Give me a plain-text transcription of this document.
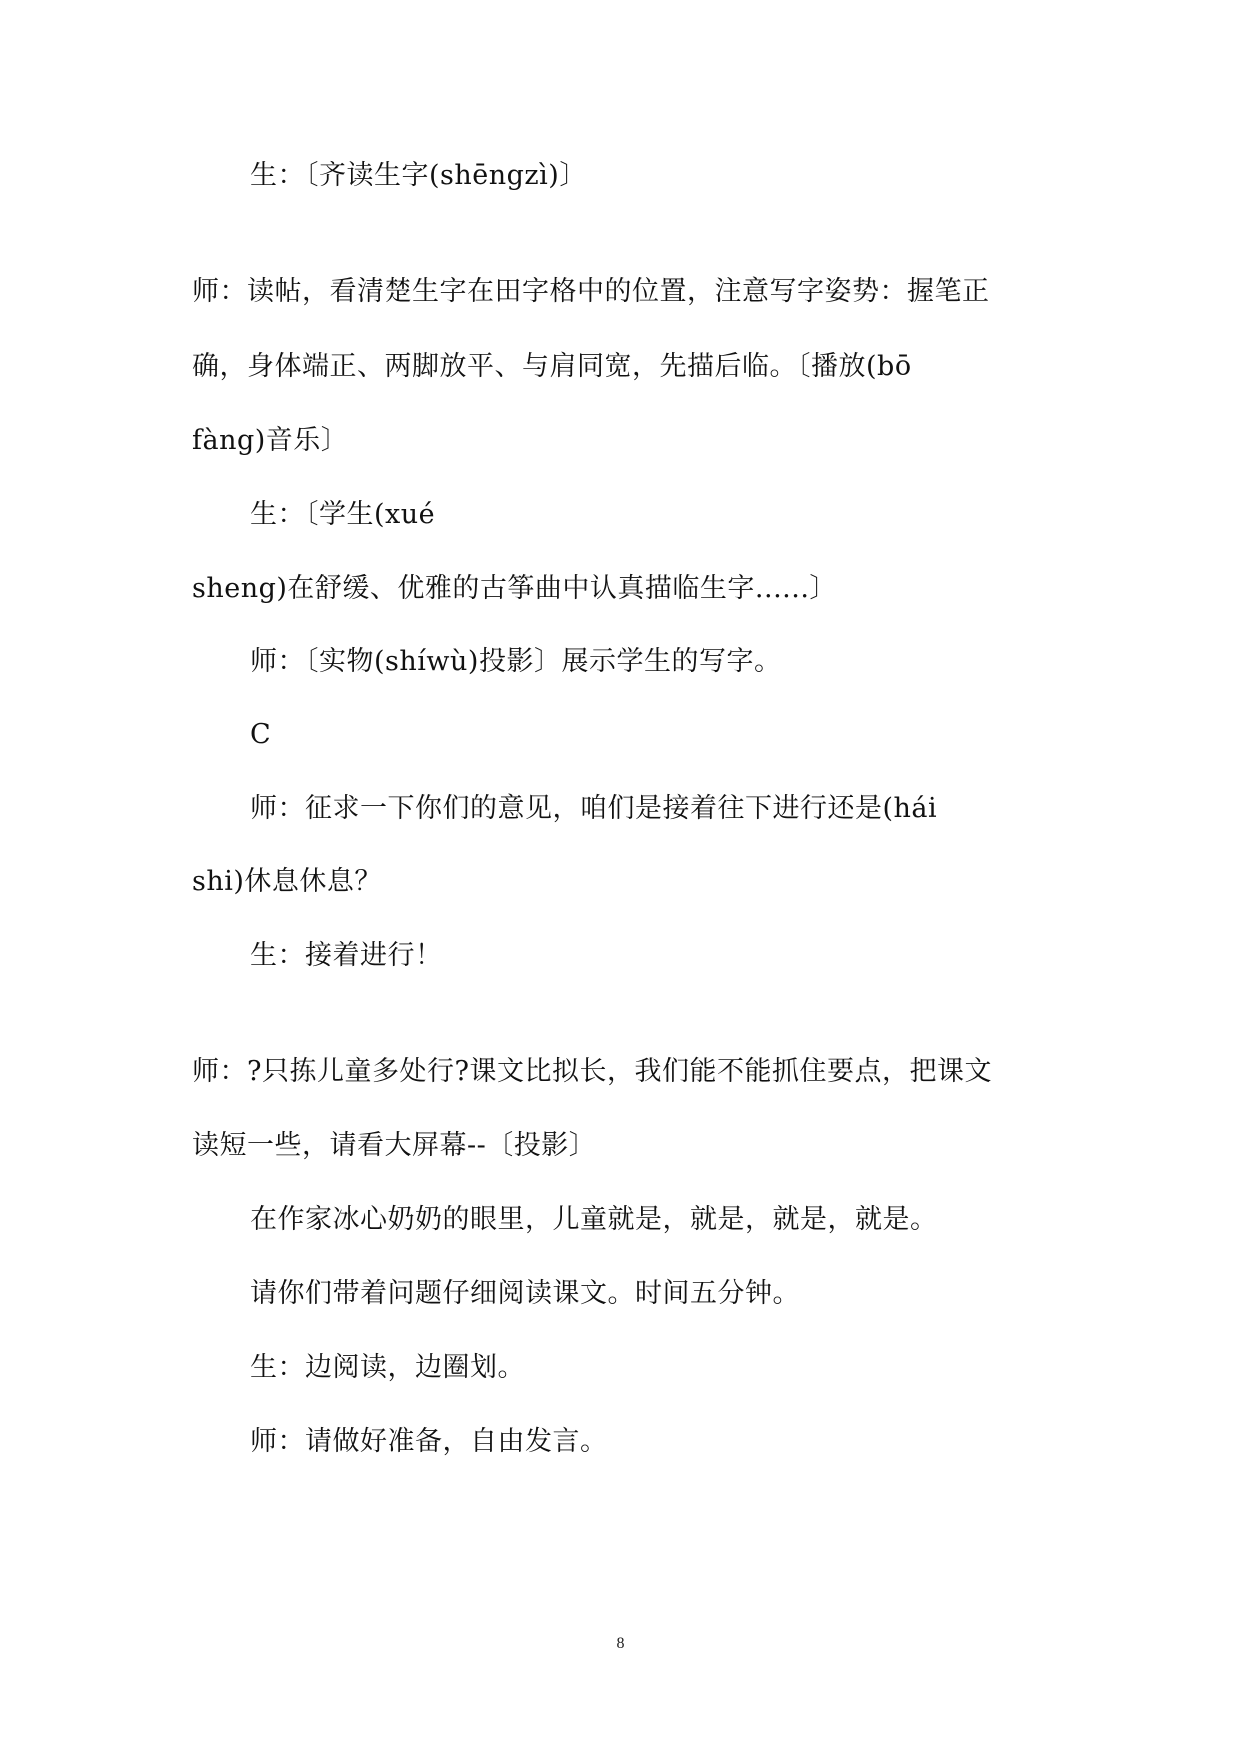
生：〔齐读生字(shēngzì)〕
师：读帖，看清楚生字在田字格中的位置，注意写字姿势：握笔正
确，身体端正、两脚放平、与肩同宽，先描后临。〔播放(bō
fàng)音乐〕
生：〔学生(xué
sheng)在舒缓、优雅的古筝曲中认真描临生字......〕
师：〔实物(shíwù)投影〕展示学生的写字。
C
师：征求一下你们的意见，咱们是接着往下进行还是(hái
shi)休息休息？
生：接着进行！
师：?只拣儿童多处行?课文比拟长，我们能不能抓住要点，把课文
读短一些，请看大屏幕--〔投影〕
在作家冰心奶奶的眼里，儿童就是，就是，就是，就是。
请你们带着问题仔细阅读课文。时间五分钟。
生：边阅读，边圈划。
师：请做好准备，自由发言。
8
